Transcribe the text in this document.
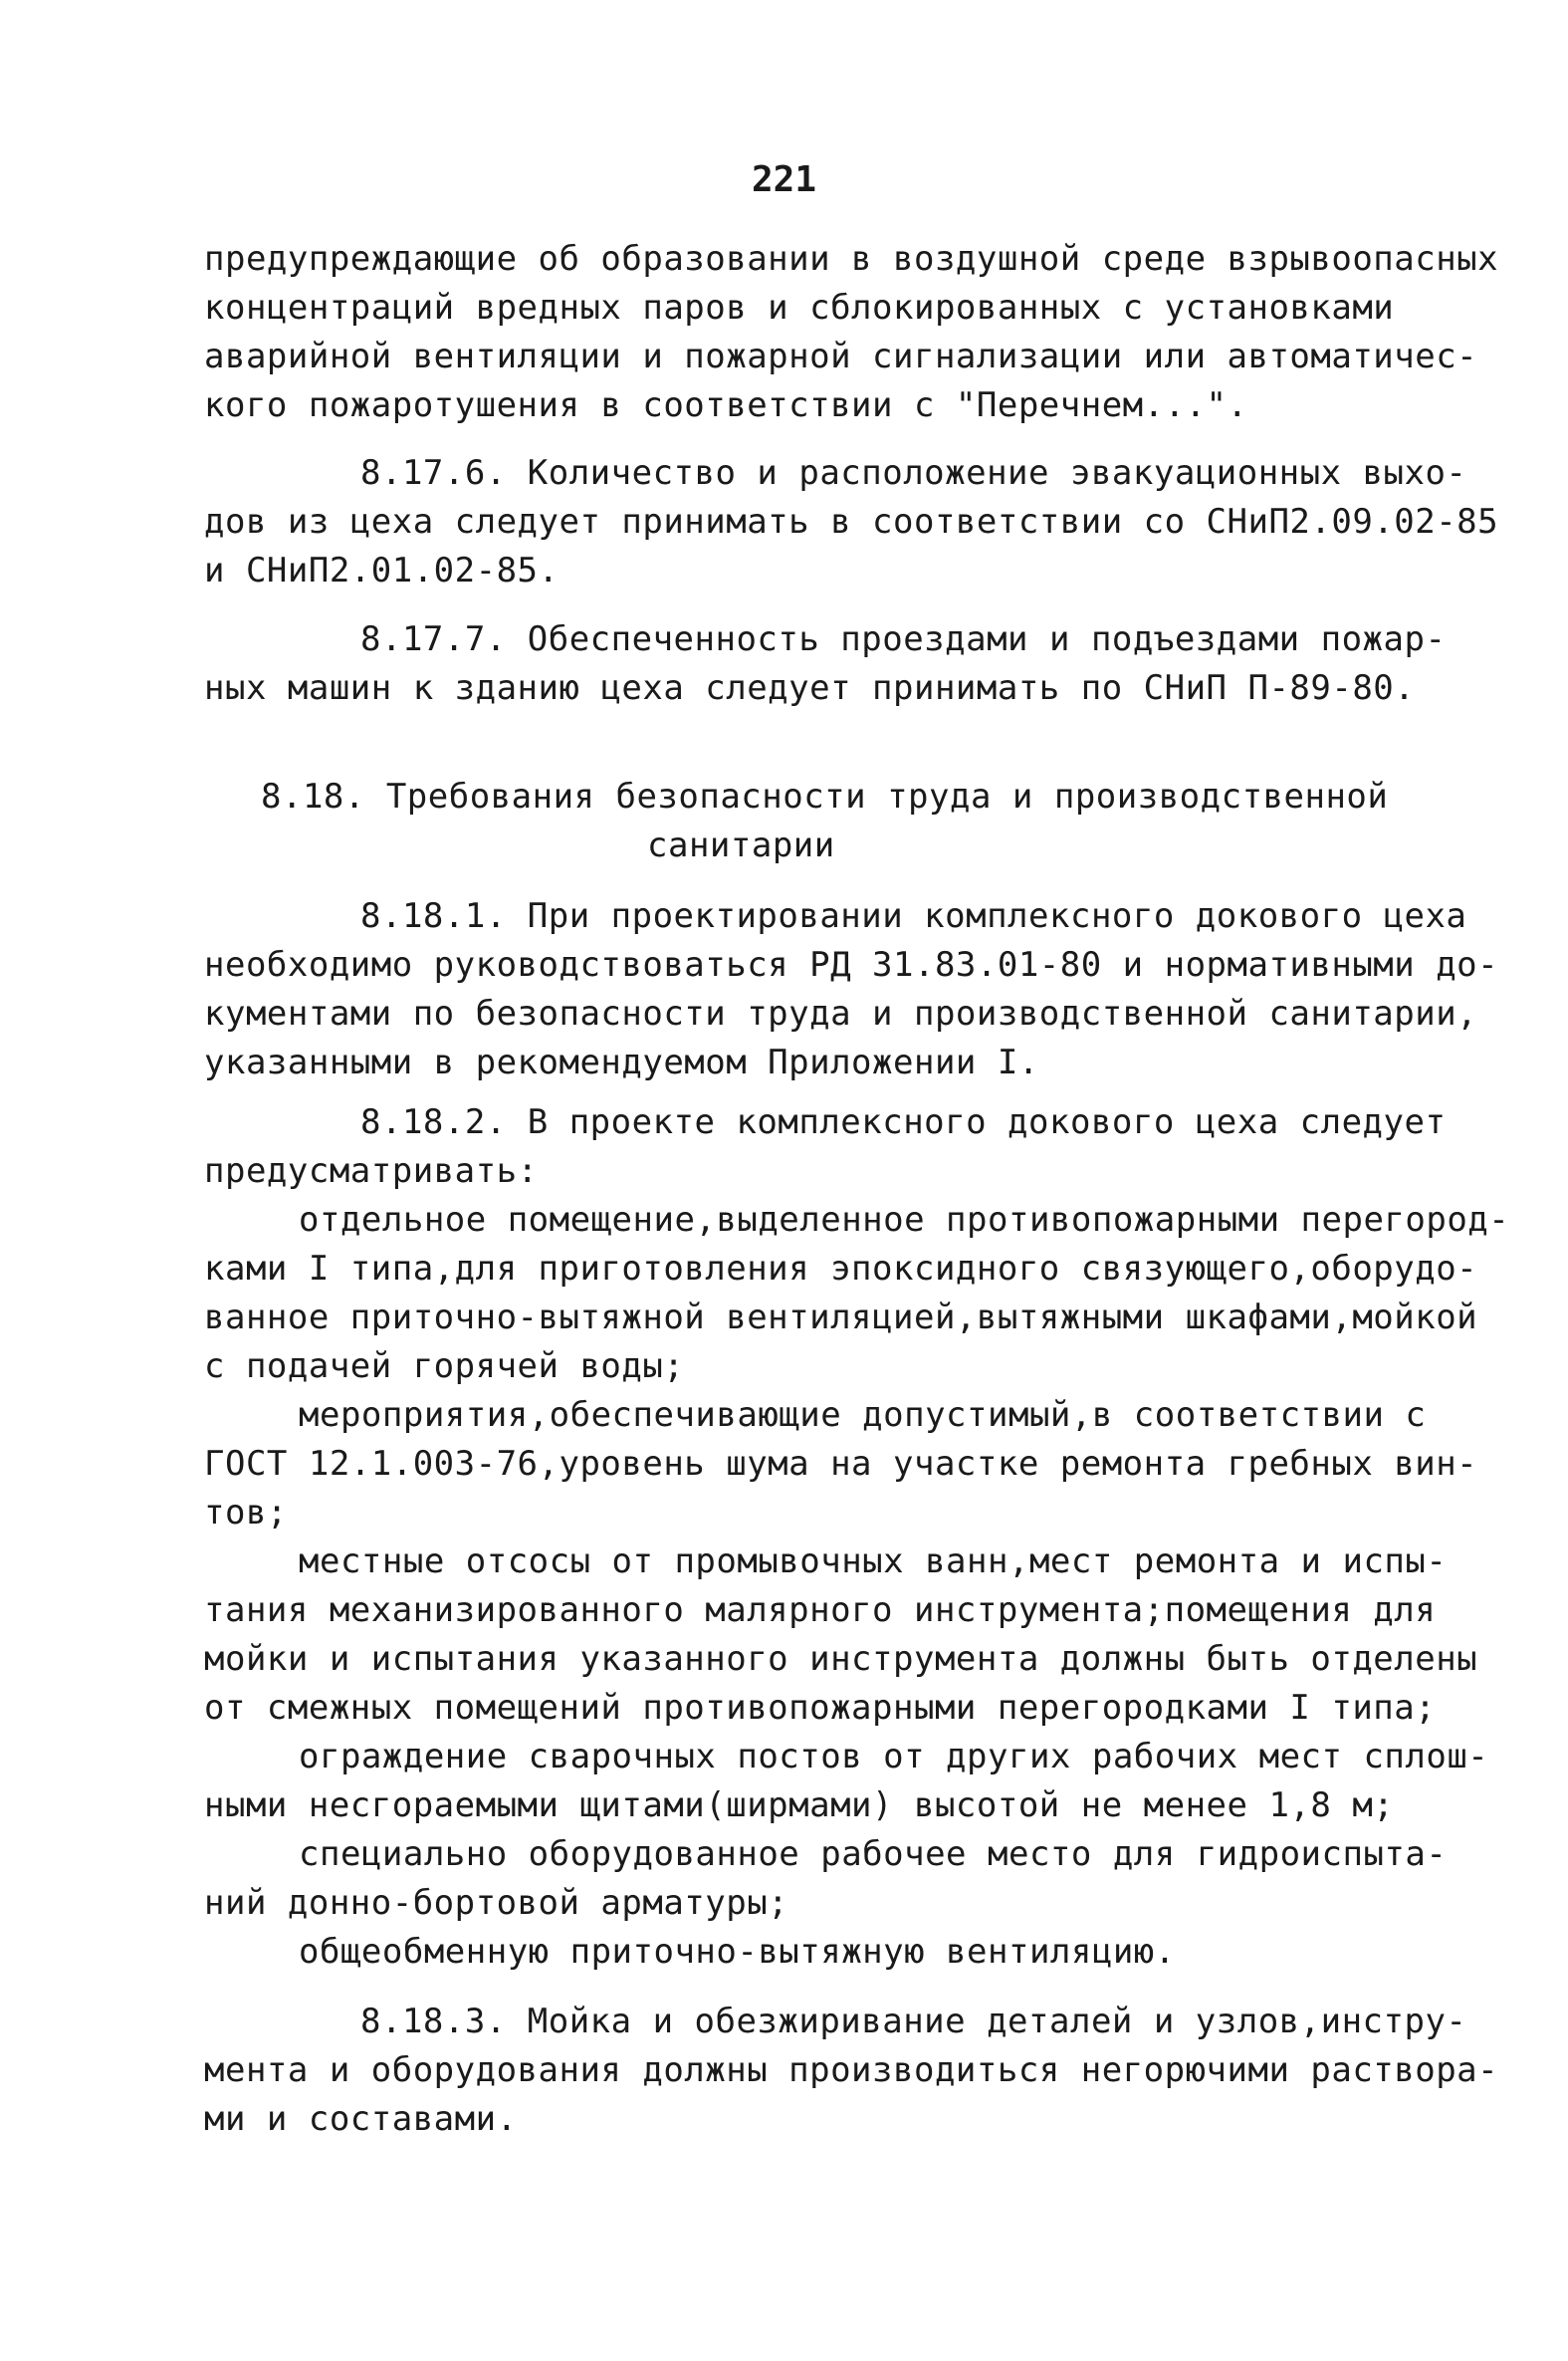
221
предупреждающие об образовании в воздушной среде взрывоопасных
концентраций вредных паров и сблокированных с установками
аварийной вентиляции и пожарной сигнализации или автоматичес-
кого пожаротушения в соответствии с "Перечнем...".
8.17.6. Количество и расположение эвакуационных выхо-
дов из цеха следует принимать в соответствии со СНиП2.09.02-85
и СНиП2.01.02-85.
8.17.7. Обеспеченность проездами и подъездами пожар-
ных машин к зданию цеха следует принимать по СНиП П-89-80.
8.18. Требования безопасности труда и производственной
санитарии
8.18.1. При проектировании комплексного докового цеха
необходимо руководствоваться РД 31.83.01-80 и нормативными до-
кументами по безопасности труда и производственной санитарии,
указанными в рекомендуемом Приложении I.
8.18.2. В проекте комплексного докового цеха следует
предусматривать:
отдельное помещение,выделенное противопожарными перегород-
ками I типа,для приготовления эпоксидного связующего,оборудо-
ванное приточно-вытяжной вентиляцией,вытяжными шкафами,мойкой
с подачей горячей воды;
мероприятия,обеспечивающие допустимый,в соответствии с
ГОСТ 12.1.003-76,уровень шума на участке ремонта гребных вин-
тов;
местные отсосы от промывочных ванн,мест ремонта и испы-
тания механизированного малярного инструмента;помещения для
мойки и испытания указанного инструмента должны быть отделены
от смежных помещений противопожарными перегородками I типа;
ограждение сварочных постов от других рабочих мест сплош-
ными несгораемыми щитами(ширмами) высотой не менее 1,8 м;
специально оборудованное рабочее место для гидроиспыта-
ний донно-бортовой арматуры;
общеобменную приточно-вытяжную вентиляцию.
8.18.3. Мойка и обезжиривание деталей и узлов,инстру-
мента и оборудования должны производиться негорючими раствора-
ми и составами.
